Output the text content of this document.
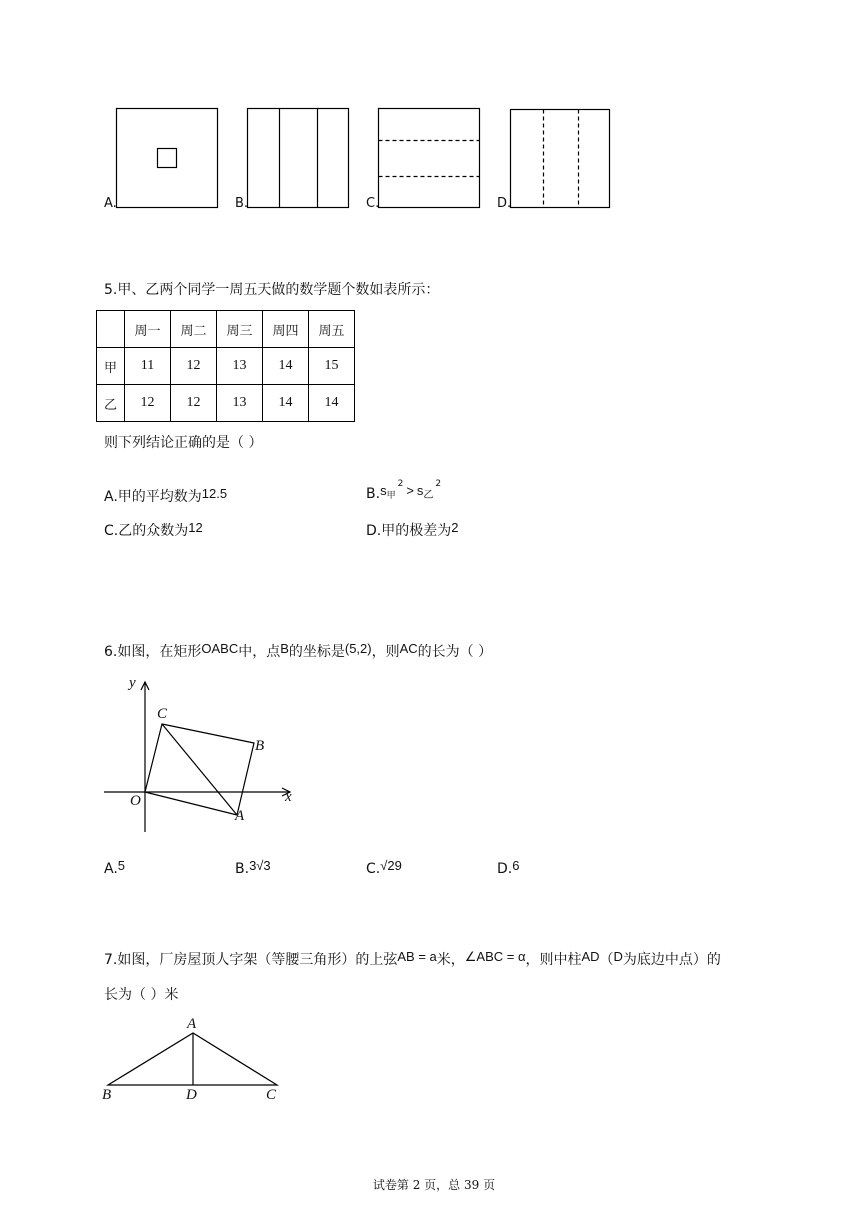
A.	B.	C.	D.
5.甲、乙两个同学一周五天做的数学题个数如表所示：
	周一	周二	周三	周四	周五
甲	11	12	13	14	15
乙	12	12	13	14	14
则下列结论正确的是（ ）
A.甲的平均数为12.5	B.s甲$^2$ > s乙$^2$
C.乙的众数为12	D.甲的极差为2
6.如图，在矩形OABC中，点B的坐标是(5,2)，则AC的长为（ ）
y
x
O
A
B
C
A.5	B.3√3	C.√29	D.6
7.如图，厂房屋顶人字架（等腰三角形）的上弦AB = a米，∠ABC = α，则中柱AD（D为底边中点）的
长为（ ）米
A
B	D	C
试卷第 2 页，总 39 页
